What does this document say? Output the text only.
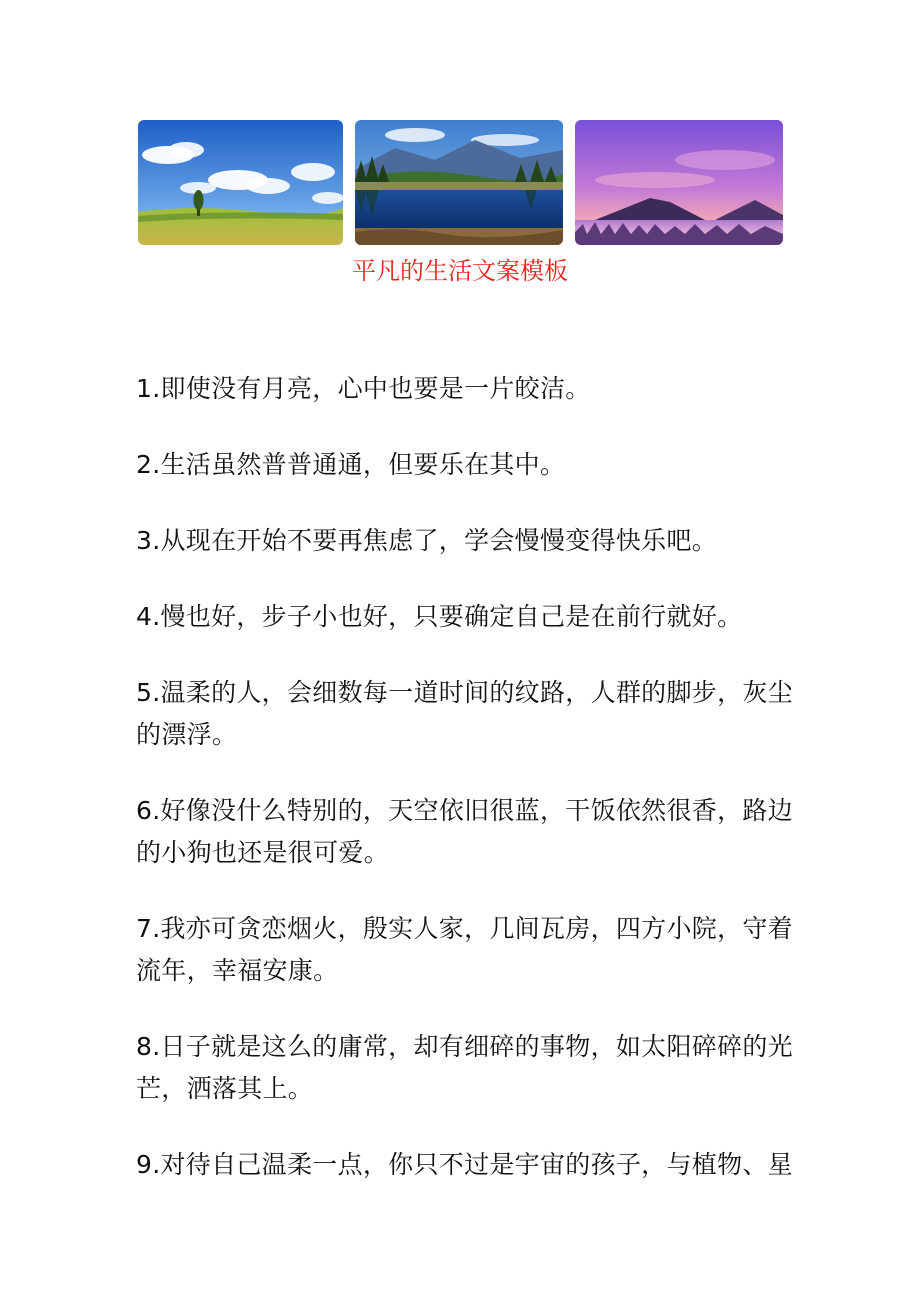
平凡的生活文案模板
1.即使没有月亮，心中也要是一片皎洁。
2.生活虽然普普通通，但要乐在其中。
3.从现在开始不要再焦虑了，学会慢慢变得快乐吧。
4.慢也好，步子小也好，只要确定自己是在前行就好。
5.温柔的人，会细数每一道时间的纹路，人群的脚步，灰尘的漂浮。
6.好像没什么特别的，天空依旧很蓝，干饭依然很香，路边的小狗也还是很可爱。
7.我亦可贪恋烟火，殷实人家，几间瓦房，四方小院，守着流年，幸福安康。
8.日子就是这么的庸常，却有细碎的事物，如太阳碎碎的光芒，洒落其上。
9.对待自己温柔一点，你只不过是宇宙的孩子，与植物、星
